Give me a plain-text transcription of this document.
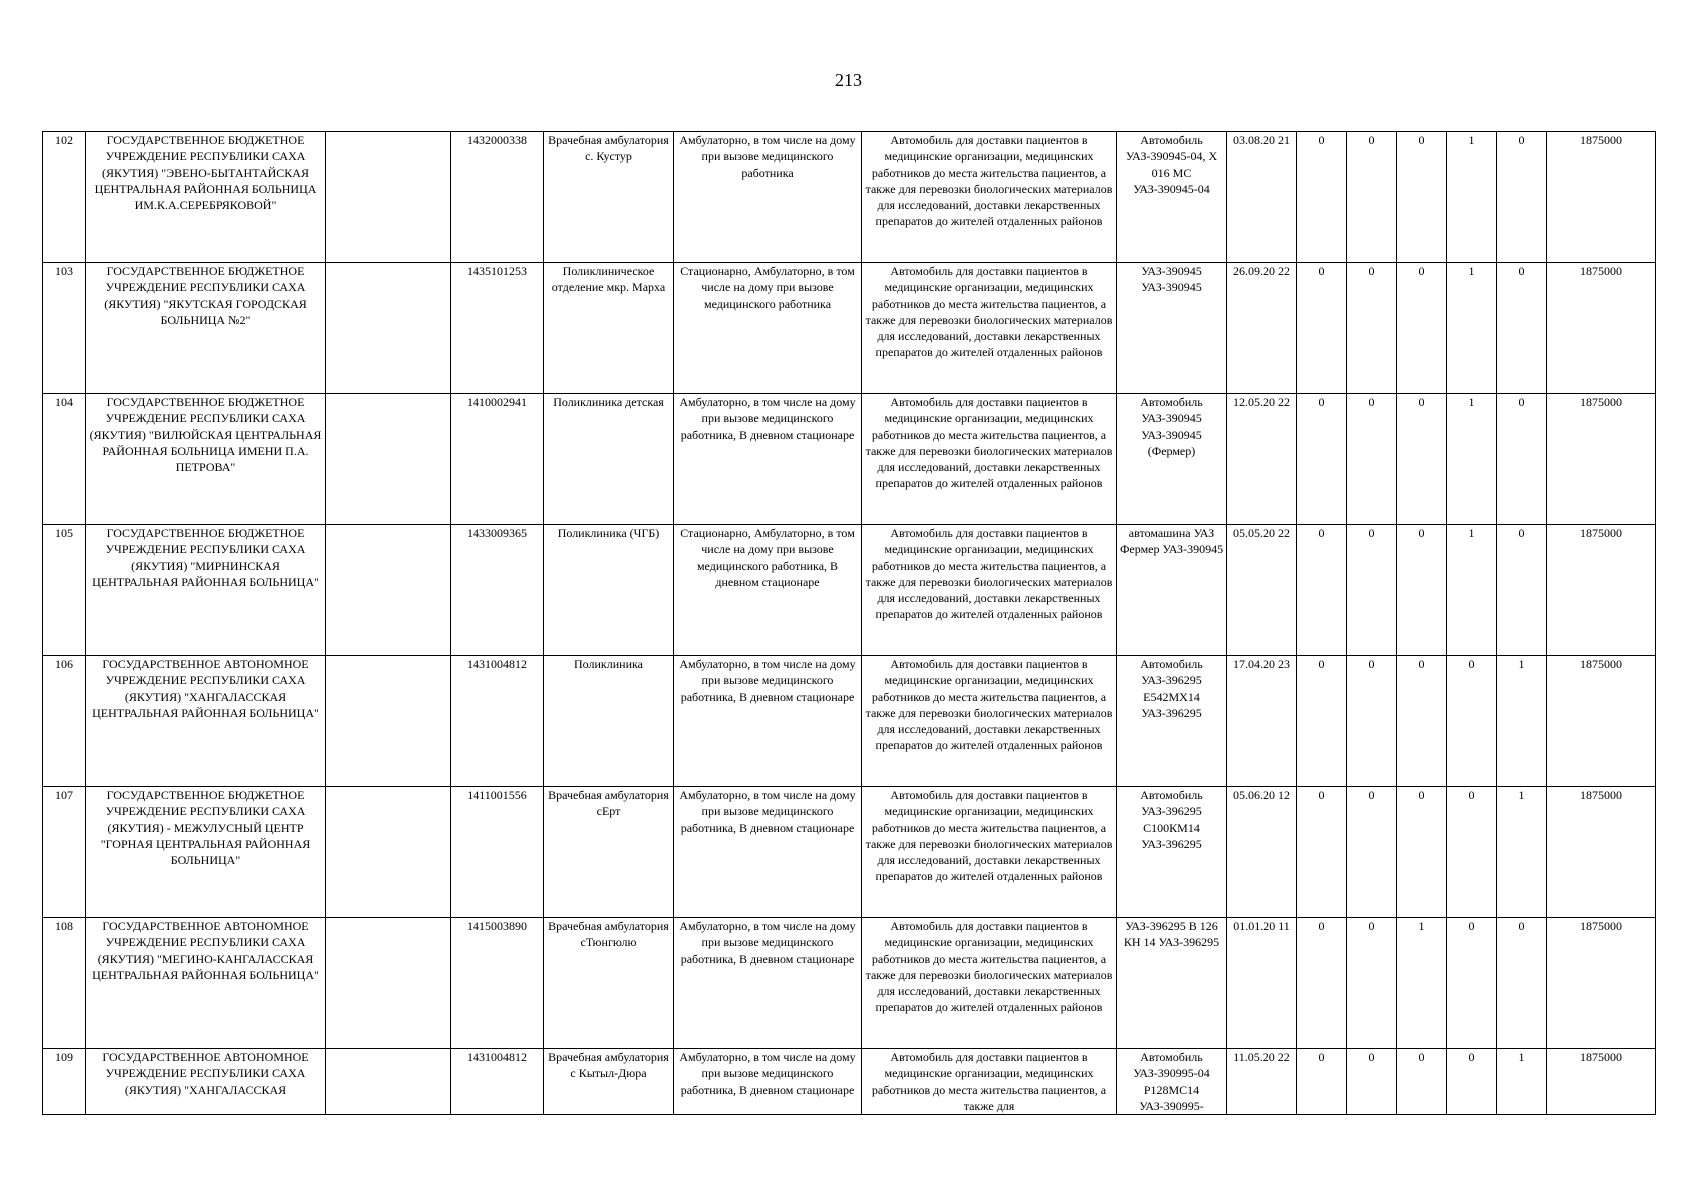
213
102	ГОСУДАРСТВЕННОЕ БЮДЖЕТНОЕ УЧРЕЖДЕНИЕ РЕСПУБЛИКИ САХА (ЯКУТИЯ) "ЭВЕНО-БЫТАНТАЙСКАЯ ЦЕНТРАЛЬНАЯ РАЙОННАЯ БОЛЬНИЦА ИМ.К.А.СЕРЕБРЯКОВОЙ"		1432000338	Врачебная амбулатория с. Кустур	Амбулаторно, в том числе на дому при вызове медицинского работника	Автомобиль для доставки пациентов в медицинские организации, медицинских работников до места жительства пациентов, а также для перевозки биологических материалов для исследований, доставки лекарственных препаратов до жителей отдаленных районов	Автомобиль УАЗ-390945-04, Х 016 МС УАЗ-390945-04	03.08.20 21	0	0	0	1	0	1875000
103	ГОСУДАРСТВЕННОЕ БЮДЖЕТНОЕ УЧРЕЖДЕНИЕ РЕСПУБЛИКИ САХА (ЯКУТИЯ) "ЯКУТСКАЯ ГОРОДСКАЯ БОЛЬНИЦА №2"		1435101253	Поликлиническое отделение мкр. Марха	Стационарно, Амбулаторно, в том числе на дому при вызове медицинского работника	Автомобиль для доставки пациентов в медицинские организации, медицинских работников до места жительства пациентов, а также для перевозки биологических материалов для исследований, доставки лекарственных препаратов до жителей отдаленных районов	УАЗ-390945 УАЗ-390945	26.09.20 22	0	0	0	1	0	1875000
104	ГОСУДАРСТВЕННОЕ БЮДЖЕТНОЕ УЧРЕЖДЕНИЕ РЕСПУБЛИКИ САХА (ЯКУТИЯ) "ВИЛЮЙСКАЯ ЦЕНТРАЛЬНАЯ РАЙОННАЯ БОЛЬНИЦА ИМЕНИ П.А. ПЕТРОВА"		1410002941	Поликлиника детская	Амбулаторно, в том числе на дому при вызове медицинского работника, В дневном стационаре	Автомобиль для доставки пациентов в медицинские организации, медицинских работников до места жительства пациентов, а также для перевозки биологических материалов для исследований, доставки лекарственных препаратов до жителей отдаленных районов	Автомобиль УАЗ-390945 УАЗ-390945 (Фермер)	12.05.20 22	0	0	0	1	0	1875000
105	ГОСУДАРСТВЕННОЕ БЮДЖЕТНОЕ УЧРЕЖДЕНИЕ РЕСПУБЛИКИ САХА (ЯКУТИЯ) "МИРНИНСКАЯ ЦЕНТРАЛЬНАЯ РАЙОННАЯ БОЛЬНИЦА"		1433009365	Поликлиника (ЧГБ)	Стационарно, Амбулаторно, в том числе на дому при вызове медицинского работника, В дневном стационаре	Автомобиль для доставки пациентов в медицинские организации, медицинских работников до места жительства пациентов, а также для перевозки биологических материалов для исследований, доставки лекарственных препаратов до жителей отдаленных районов	автомашина УАЗ Фермер УАЗ-390945	05.05.20 22	0	0	0	1	0	1875000
106	ГОСУДАРСТВЕННОЕ АВТОНОМНОЕ УЧРЕЖДЕНИЕ РЕСПУБЛИКИ САХА (ЯКУТИЯ) "ХАНГАЛАССКАЯ ЦЕНТРАЛЬНАЯ РАЙОННАЯ БОЛЬНИЦА"		1431004812	Поликлиника	Амбулаторно, в том числе на дому при вызове медицинского работника, В дневном стационаре	Автомобиль для доставки пациентов в медицинские организации, медицинских работников до места жительства пациентов, а также для перевозки биологических материалов для исследований, доставки лекарственных препаратов до жителей отдаленных районов	Автомобиль УАЗ-396295 Е542МХ14 УАЗ-396295	17.04.20 23	0	0	0	0	1	1875000
107	ГОСУДАРСТВЕННОЕ БЮДЖЕТНОЕ УЧРЕЖДЕНИЕ РЕСПУБЛИКИ САХА (ЯКУТИЯ) - МЕЖУЛУСНЫЙ ЦЕНТР "ГОРНАЯ ЦЕНТРАЛЬНАЯ РАЙОННАЯ БОЛЬНИЦА"		1411001556	Врачебная амбулатория сЕрт	Амбулаторно, в том числе на дому при вызове медицинского работника, В дневном стационаре	Автомобиль для доставки пациентов в медицинские организации, медицинских работников до места жительства пациентов, а также для перевозки биологических материалов для исследований, доставки лекарственных препаратов до жителей отдаленных районов	Автомобиль УАЗ-396295 С100КМ14 УАЗ-396295	05.06.20 12	0	0	0	0	1	1875000
108	ГОСУДАРСТВЕННОЕ АВТОНОМНОЕ УЧРЕЖДЕНИЕ РЕСПУБЛИКИ САХА (ЯКУТИЯ) "МЕГИНО-КАНГАЛАССКАЯ ЦЕНТРАЛЬНАЯ РАЙОННАЯ БОЛЬНИЦА"		1415003890	Врачебная амбулатория сТюнгюлю	Амбулаторно, в том числе на дому при вызове медицинского работника, В дневном стационаре	Автомобиль для доставки пациентов в медицинские организации, медицинских работников до места жительства пациентов, а также для перевозки биологических материалов для исследований, доставки лекарственных препаратов до жителей отдаленных районов	УАЗ-396295 В 126 КН 14 УАЗ-396295	01.01.20 11	0	0	1	0	0	1875000
109	ГОСУДАРСТВЕННОЕ АВТОНОМНОЕ УЧРЕЖДЕНИЕ РЕСПУБЛИКИ САХА (ЯКУТИЯ) "ХАНГАЛАССКАЯ		1431004812	Врачебная амбулатория с Кытыл-Дюра	Амбулаторно, в том числе на дому при вызове медицинского работника, В дневном стационаре	Автомобиль для доставки пациентов в медицинские организации, медицинских работников до места жительства пациентов, а также для	Автомобиль УАЗ-390995-04 Р128МС14 УАЗ-390995-	11.05.20 22	0	0	0	0	1	1875000
